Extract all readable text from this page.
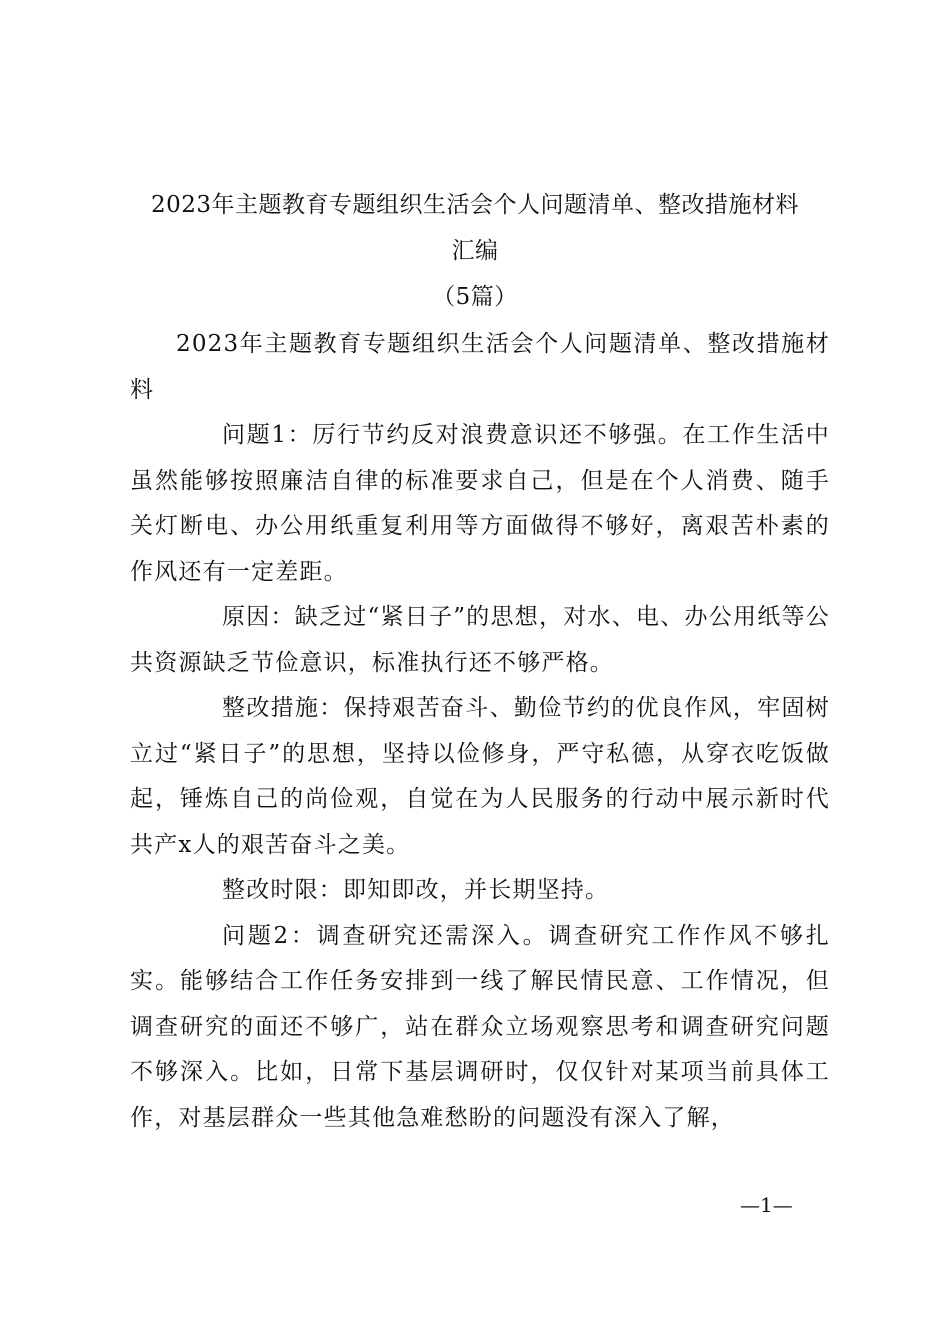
2023年主题教育专题组织生活会个人问题清单、整改措施材料
汇编
（5篇）

2023年主题教育专题组织生活会个人问题清单、整改措施材料

问题1：厉行节约反对浪费意识还不够强。在工作生活中虽然能够按照廉洁自律的标准要求自己，但是在个人消费、随手关灯断电、办公用纸重复利用等方面做得不够好，离艰苦朴素的作风还有一定差距。

原因：缺乏过“紧日子”的思想，对水、电、办公用纸等公共资源缺乏节俭意识，标准执行还不够严格。

整改措施：保持艰苦奋斗、勤俭节约的优良作风，牢固树立过“紧日子”的思想，坚持以俭修身，严守私德，从穿衣吃饭做起，锤炼自己的尚俭观，自觉在为人民服务的行动中展示新时代共产x人的艰苦奋斗之美。

整改时限：即知即改，并长期坚持。

问题2：调查研究还需深入。调查研究工作作风不够扎实。能够结合工作任务安排到一线了解民情民意、工作情况，但调查研究的面还不够广，站在群众立场观察思考和调查研究问题不够深入。比如，日常下基层调研时，仅仅针对某项当前具体工作，对基层群众一些其他急难愁盼的问题没有深入了解，

—1—
